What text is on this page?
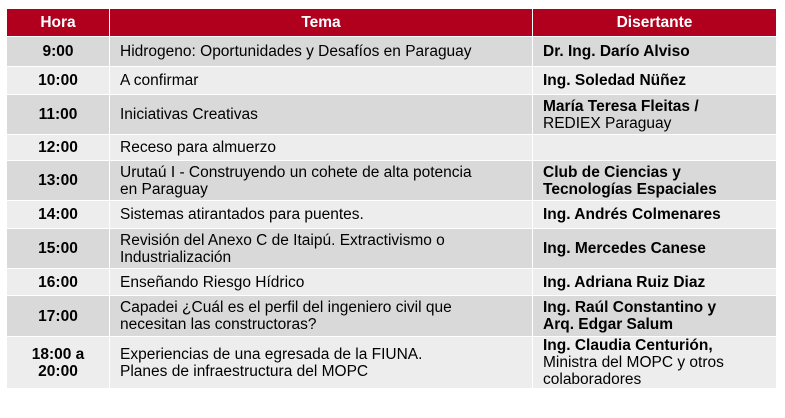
Hora	Tema	Disertante

9:00	Hidrogeno: Oportunidades y Desafíos en Paraguay	Dr. Ing. Darío Alviso

10:00	A confirmar	Ing. Soledad Nüñez

11:00	Iniciativas Creativas	María Teresa Fleitas /
REDIEX Paraguay

12:00	Receso para almuerzo	

13:00	Urutaú I - Construyendo un cohete de alta potencia
en Paraguay	Club de Ciencias y
Tecnologías Espaciales

14:00	Sistemas atirantados para puentes.	Ing. Andrés Colmenares

15:00	Revisión del Anexo C de Itaipú. Extractivismo o
Industrialización	Ing. Mercedes Canese

16:00	Enseñando Riesgo Hídrico	Ing. Adriana Ruiz Diaz

17:00	Capadei ¿Cuál es el perfil del ingeniero civil que
necesitan las constructoras?	Ing. Raúl Constantino y
Arq. Edgar Salum

18:00 a
20:00	Experiencias de una egresada de la FIUNA.
Planes de infraestructura del MOPC	Ing. Claudia Centurión,
Ministra del MOPC y otros
colaboradores
